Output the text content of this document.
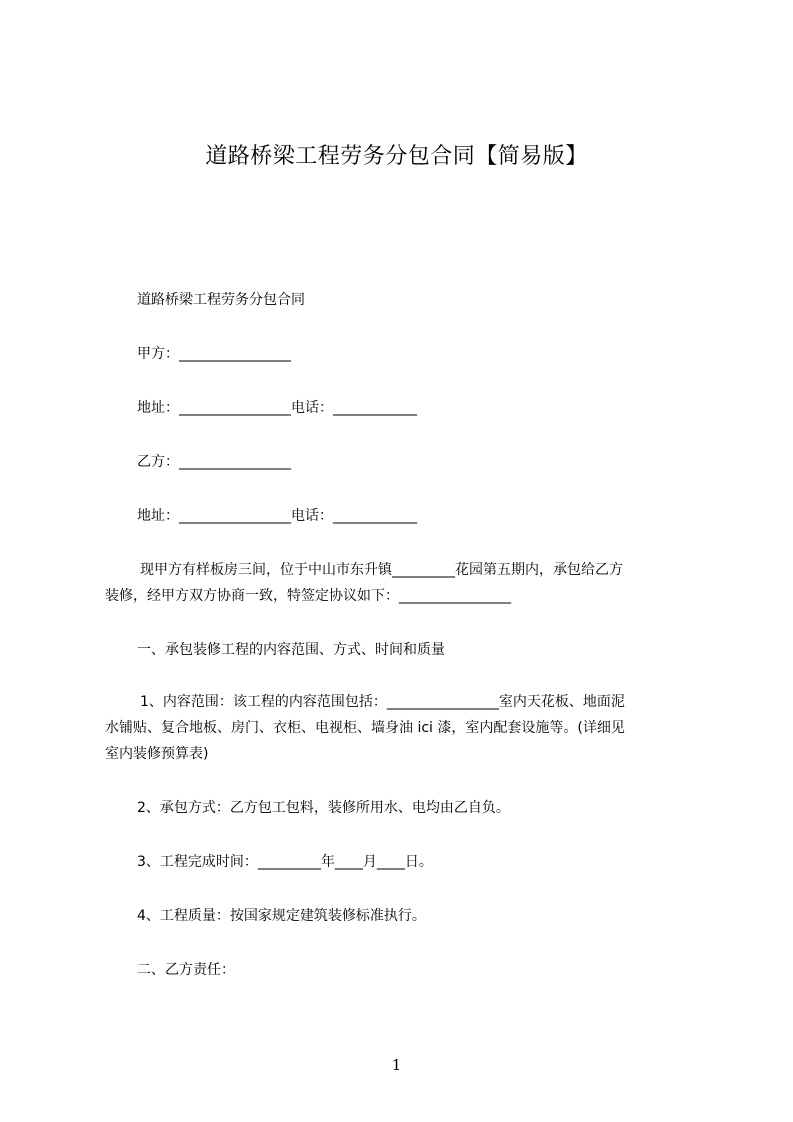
道路桥梁工程劳务分包合同【简易版】
道路桥梁工程劳务分包合同
甲方：________________
地址：________________电话：____________
乙方：________________
地址：________________电话：____________
现甲方有样板房三间，位于中山市东升镇_________花园第五期内，承包给乙方
装修，经甲方双方协商一致，特签定协议如下：________________
一、承包装修工程的内容范围、方式、时间和质量
1、内容范围：该工程的内容范围包括：________________室内天花板、地面泥
水铺贴、复合地板、房门、衣柜、电视柜、墙身油 ici 漆，室内配套设施等。(详细见
室内装修预算表)
2、承包方式：乙方包工包料，装修所用水、电均由乙自负。
3、工程完成时间：_________年____月____日。
4、工程质量：按国家规定建筑装修标准执行。
二、乙方责任：
1
